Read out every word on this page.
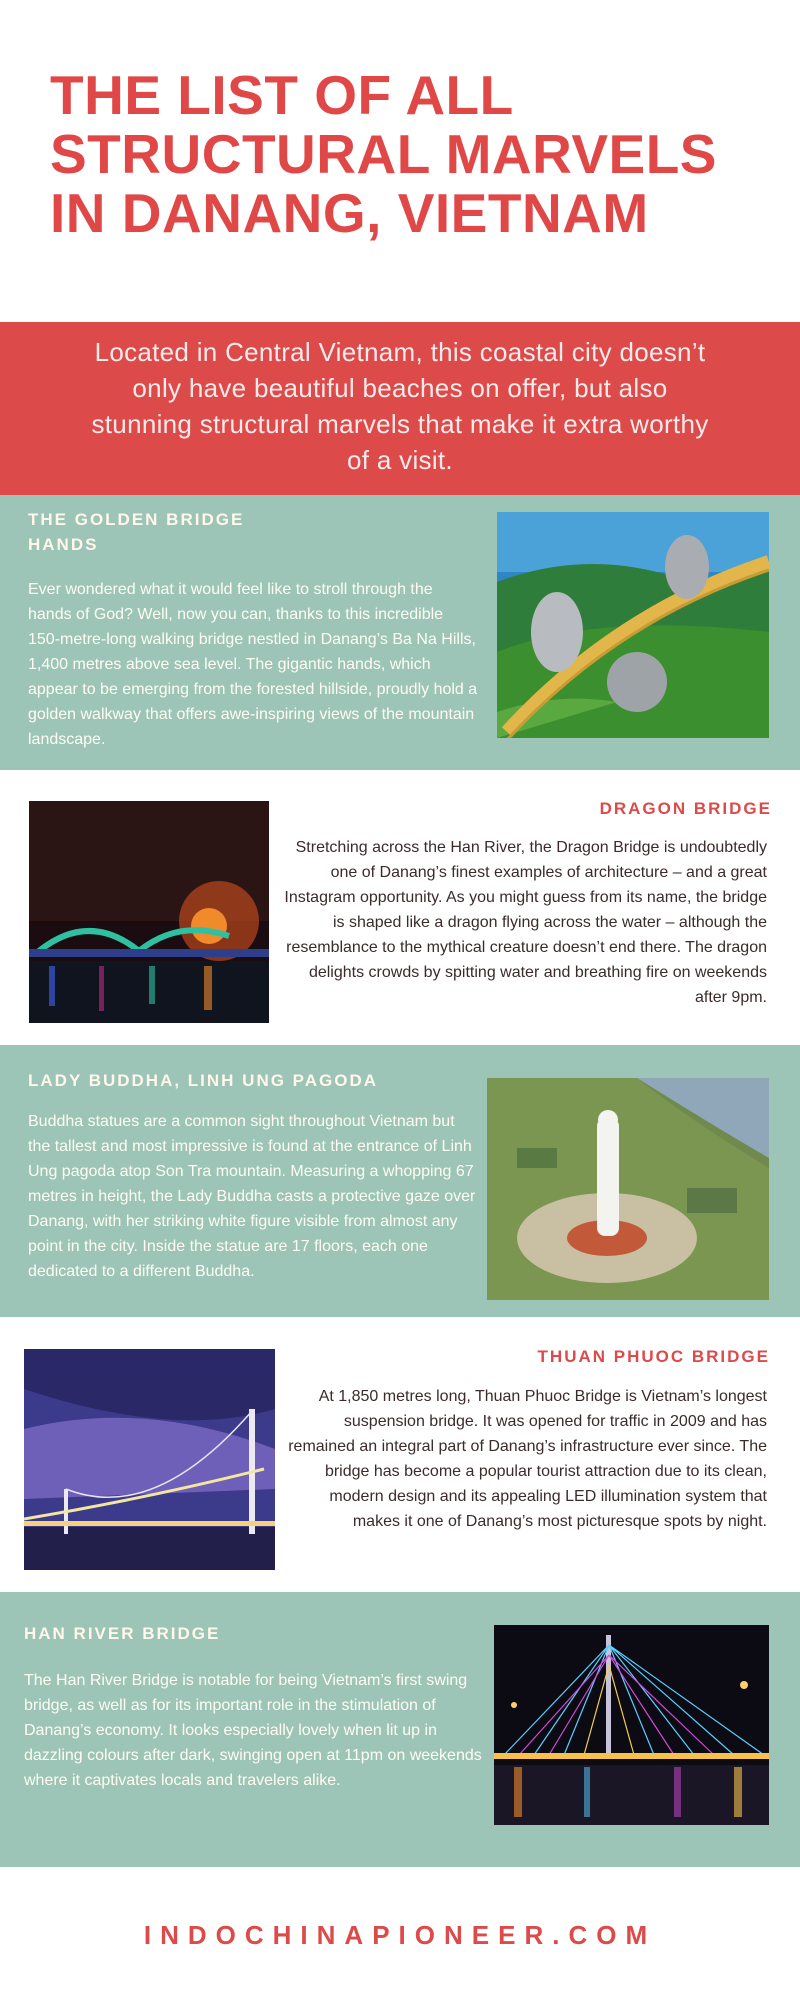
THE LIST OF ALL STRUCTURAL MARVELS IN DANANG, VIETNAM
Located in Central Vietnam, this coastal city doesn’t only have beautiful beaches on offer, but also stunning structural marvels that make it extra worthy of a visit.
THE GOLDEN BRIDGE HANDS
Ever wondered what it would feel like to stroll through the hands of God? Well, now you can, thanks to this incredible 150-metre-long walking bridge nestled in Danang’s Ba Na Hills, 1,400 metres above sea level. The gigantic hands, which appear to be emerging from the forested hillside, proudly hold a golden walkway that offers awe-inspiring views of the mountain landscape.
DRAGON BRIDGE
Stretching across the Han River, the Dragon Bridge is undoubtedly one of Danang’s finest examples of architecture – and a great Instagram opportunity. As you might guess from its name, the bridge is shaped like a dragon flying across the water – although the resemblance to the mythical creature doesn’t end there. The dragon delights crowds by spitting water and breathing fire on weekends after 9pm.
LADY BUDDHA, LINH UNG PAGODA
Buddha statues are a common sight throughout Vietnam but the tallest and most impressive is found at the entrance of Linh Ung pagoda atop Son Tra mountain. Measuring a whopping 67 metres in height, the Lady Buddha casts a protective gaze over Danang, with her striking white figure visible from almost any point in the city. Inside the statue are 17 floors, each one dedicated to a different Buddha.
THUAN PHUOC BRIDGE
At 1,850 metres long, Thuan Phuoc Bridge is Vietnam’s longest suspension bridge. It was opened for traffic in 2009 and has remained an integral part of Danang’s infrastructure ever since. The bridge has become a popular tourist attraction due to its clean, modern design and its appealing LED illumination system that makes it one of Danang’s most picturesque spots by night.
HAN RIVER BRIDGE
The Han River Bridge is notable for being Vietnam’s first swing bridge, as well as for its important role in the stimulation of Danang’s economy. It looks especially lovely when lit up in dazzling colours after dark, swinging open at 11pm on weekends where it captivates locals and travelers alike.
INDOCHINAPIONEER.COM
